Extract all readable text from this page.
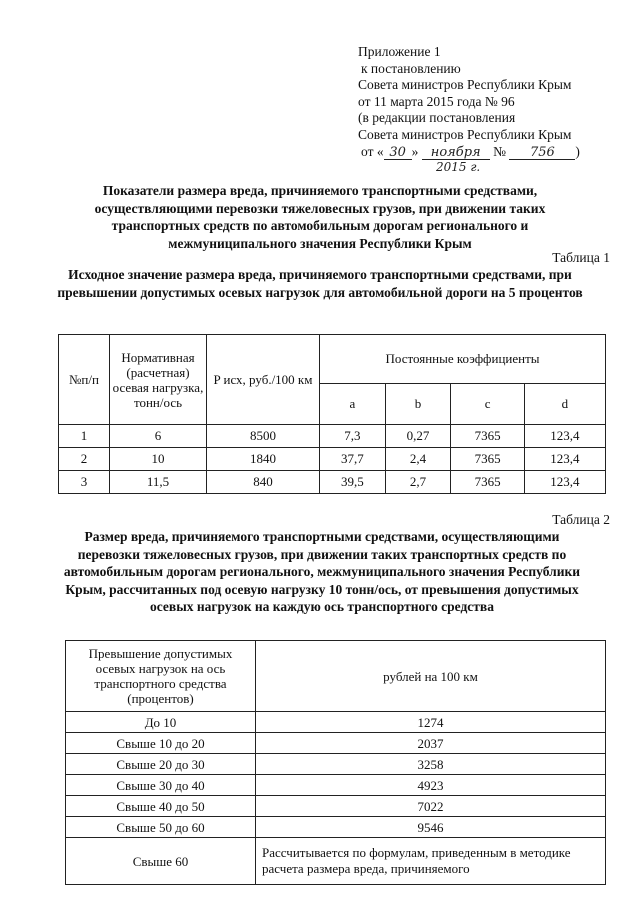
Приложение 1
к постановлению
Совета министров Республики Крым
от 11 марта 2015 года № 96
(в редакции постановления
Совета министров Республики Крым
от « 30 » ноября № 756 )
2015 г.
Показатели размера вреда, причиняемого транспортными средствами, осуществляющими перевозки тяжеловесных грузов, при движении таких транспортных средств по автомобильным дорогам регионального и межмуниципального значения Республики Крым
Таблица 1
Исходное значение размера вреда, причиняемого транспортными средствами, при превышении допустимых осевых нагрузок для автомобильной дороги на 5 процентов
№п/п	Нормативная (расчетная) осевая нагрузка, тонн/ось	P исх, руб./100 км	Постоянные коэффициенты			
			a	b	c	d
1	6	8500	7,3	0,27	7365	123,4
2	10	1840	37,7	2,4	7365	123,4
3	11,5	840	39,5	2,7	7365	123,4
Таблица 2
Размер вреда, причиняемого транспортными средствами, осуществляющими перевозки тяжеловесных грузов, при движении таких транспортных средств по автомобильным дорогам регионального, межмуниципального значения Республики Крым, рассчитанных под осевую нагрузку 10 тонн/ось, от превышения допустимых осевых нагрузок на каждую ось транспортного средства
Превышение допустимых осевых нагрузок на ось транспортного средства (процентов)	рублей на 100 км
До 10	1274
Свыше 10 до 20	2037
Свыше 20 до 30	3258
Свыше 30 до 40	4923
Свыше 40 до 50	7022
Свыше 50 до 60	9546
Свыше 60	Рассчитывается по формулам, приведенным в методике расчета размера вреда, причиняемого
